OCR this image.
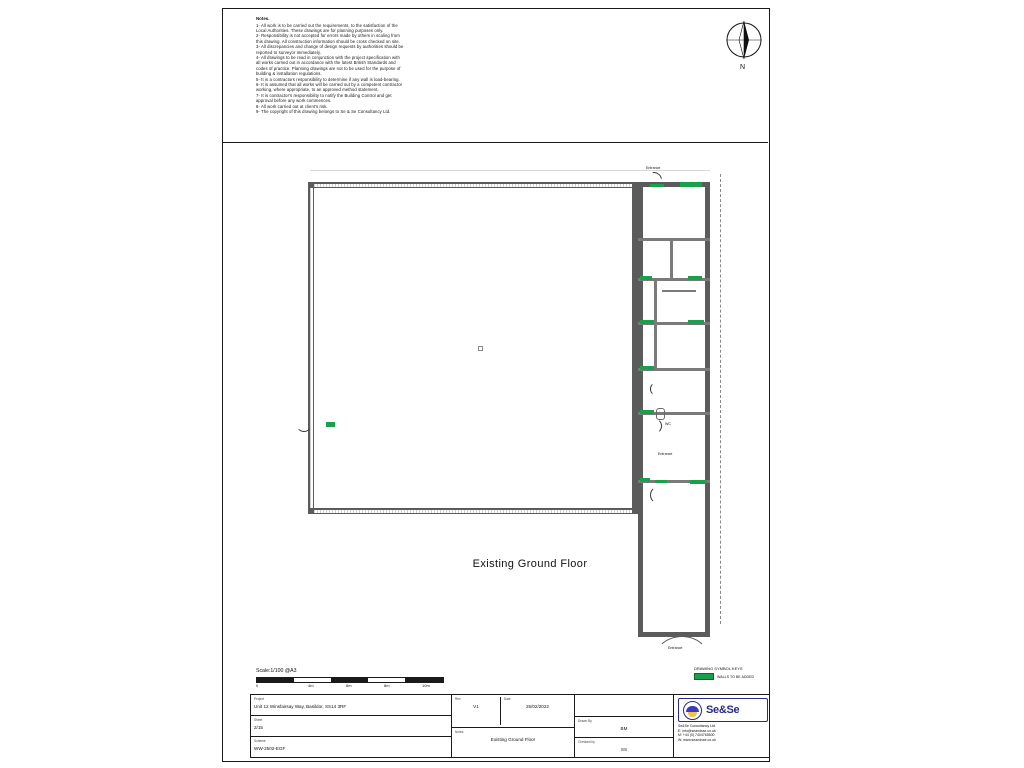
Notes.
1- All work is to be carried out the requirements, to the satisfaction of the
Local Authorities. These drawings are for planning purposes only.
2- Responsibility is not accepted for errors made by others in scaling from
this drawing. All construction information should be cross checked on site.
3- All discrepancies and change of design requests by authorities should be
reported to surveyor immediately.
4- All drawings to be read in conjunction with the project specification with
all works carried out in accordance with the latest British Standards and
codes of practice. Planning drawings are not to be used for the purpose of
building & installation regulations.
5- It is a contractors responsibility to determine if any wall is load-bearing.
6- It is assumed that all works will be carried out by a competent contractor
working, where appropriate, to an approved method statement.
7- It is contractor's responsibility to notify the Building Control and get
approval before any work commences.
8- All work carried out at client's risk.
9- The copyright of this drawing belongs to Se & Se Consultancy Ltd.
N
Entrance
Entrance
Entrance
WC
Existing Ground Floor
Scale:1/100 @A3
0	4m	6m	8m	10m
DRAWING SYMBOL KEYS
WALLS TO BE ADDED
Project
Unit 12 Winsfairsay Way, Basildor, SS14 3RF
Sheet
2/15
Scheme
WW-2502-EGF
Rev
V1
Date
25/02/2022
Notes
Existing Ground Floor
Drawn By
BM
Checked by
SS
Se&Se
Se&Se Consultancy Ltd.
E: info@seandsse.co.uk
M: +44 (0) 7404765500
W: www.seandsse.co.uk
